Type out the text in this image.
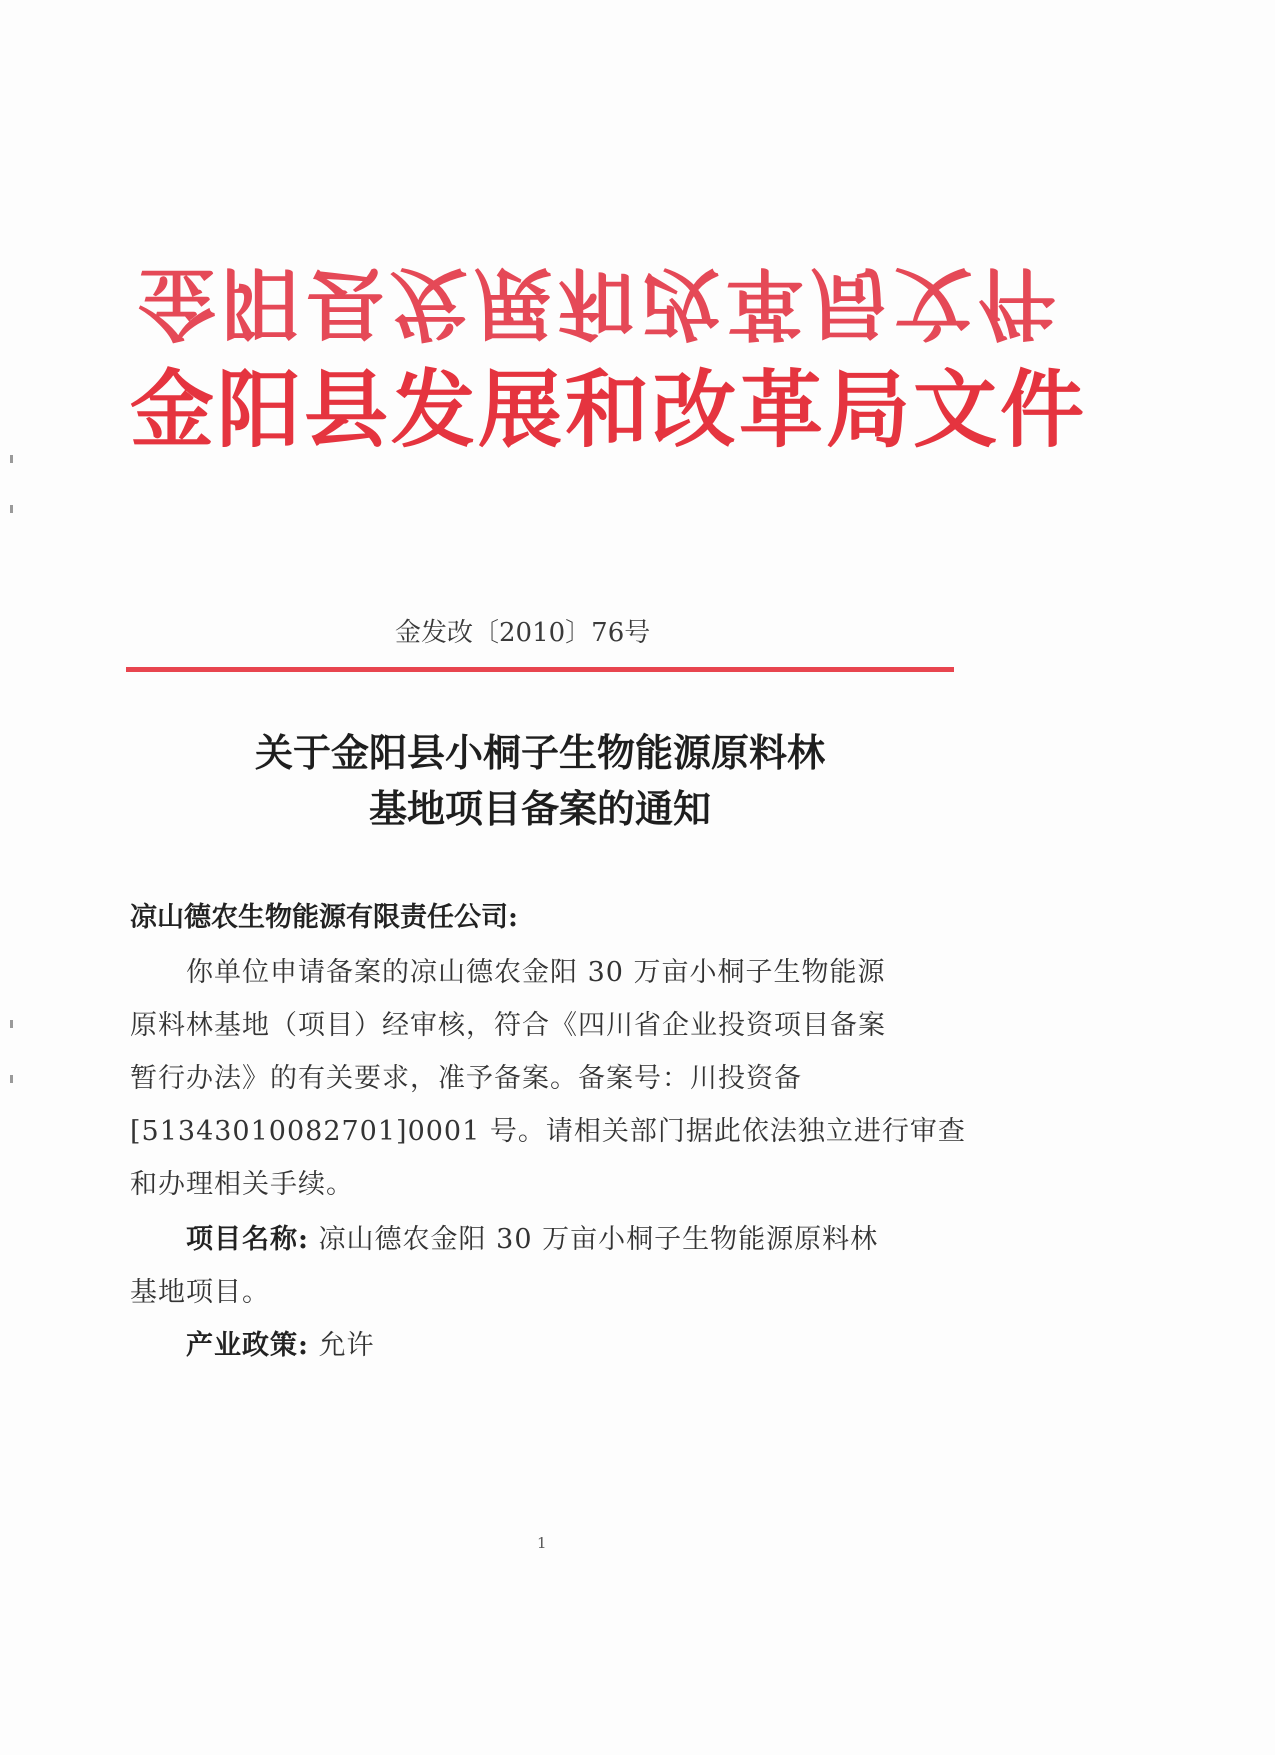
金阳县发展和改革局文件
金阳县发展和改革局文件
金发改〔2010〕76号
关于金阳县小桐子生物能源原料林
基地项目备案的通知
凉山德农生物能源有限责任公司:
你单位申请备案的凉山德农金阳 30 万亩小桐子生物能源
原料林基地（项目）经审核，符合《四川省企业投资项目备案
暂行办法》的有关要求，准予备案。备案号：川投资备
[51343010082701]0001 号。请相关部门据此依法独立进行审查
和办理相关手续。
项目名称: 凉山德农金阳 30 万亩小桐子生物能源原料林
基地项目。
产业政策: 允许
1
